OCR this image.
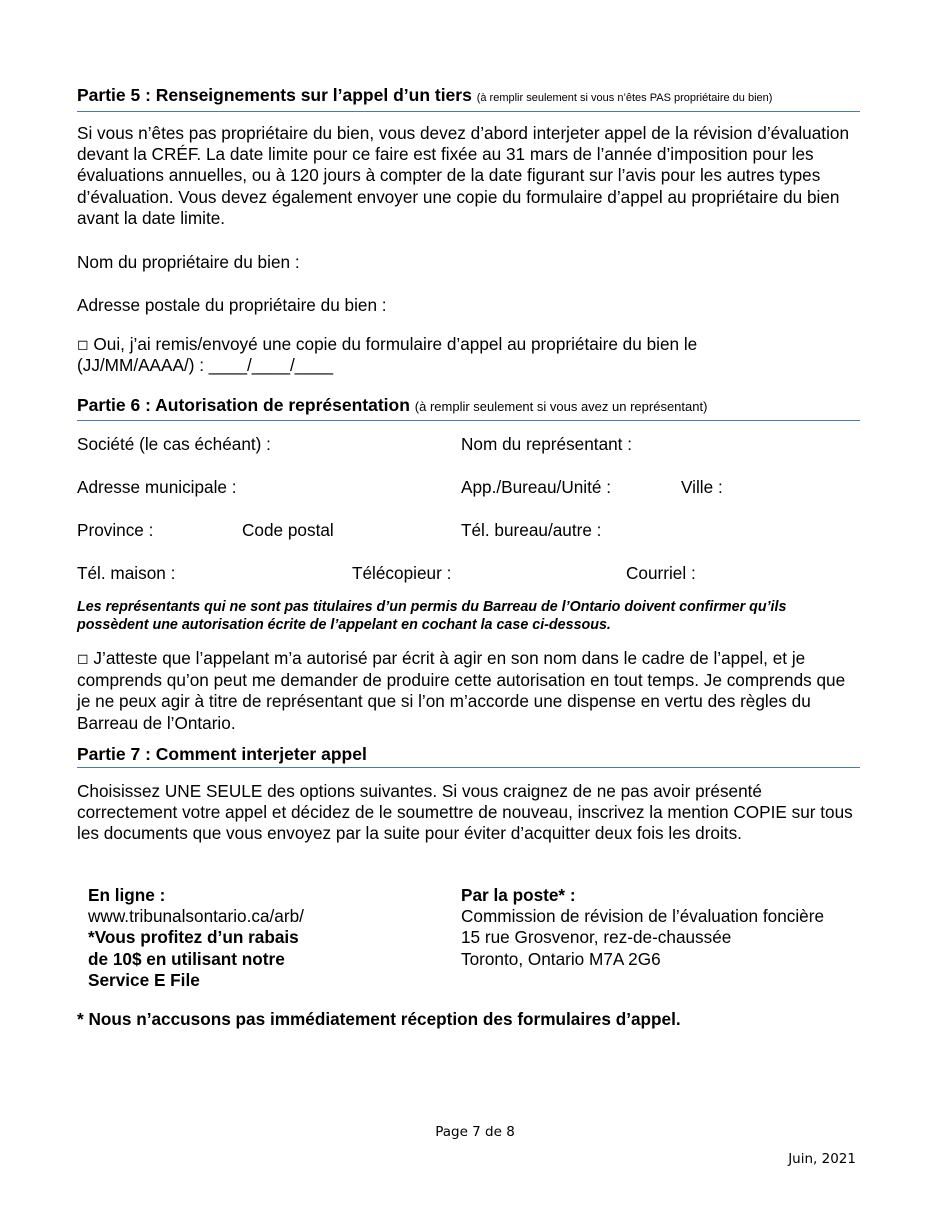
Partie 5 : Renseignements sur l’appel d’un tiers (à remplir seulement si vous n’êtes PAS propriétaire du bien)
Si vous n’êtes pas propriétaire du bien, vous devez d’abord interjeter appel de la révision d’évaluation devant la CRÉF. La date limite pour ce faire est fixée au 31 mars de l’année d’imposition pour les évaluations annuelles, ou à 120 jours à compter de la date figurant sur l’avis pour les autres types d’évaluation. Vous devez également envoyer une copie du formulaire d’appel au propriétaire du bien avant la date limite.
Nom du propriétaire du bien :
Adresse postale du propriétaire du bien :
◻ Oui, j’ai remis/envoyé une copie du formulaire d’appel au propriétaire du bien le
(JJ/MM/AAAA/) : ____/____/____
Partie 6 : Autorisation de représentation (à remplir seulement si vous avez un représentant)
Société (le cas échéant) :	Nom du représentant :
Adresse municipale :	App./Bureau/Unité :	Ville :
Province :	Code postal	Tél. bureau/autre :
Tél. maison :	Télécopieur :	Courriel :
Les représentants qui ne sont pas titulaires d’un permis du Barreau de l’Ontario doivent confirmer qu’ils possèdent une autorisation écrite de l’appelant en cochant la case ci-dessous.
◻ J’atteste que l’appelant m’a autorisé par écrit à agir en son nom dans le cadre de l’appel, et je comprends qu’on peut me demander de produire cette autorisation en tout temps. Je comprends que je ne peux agir à titre de représentant que si l’on m’accorde une dispense en vertu des règles du Barreau de l’Ontario.
Partie 7 : Comment interjeter appel
Choisissez UNE SEULE des options suivantes. Si vous craignez de ne pas avoir présenté correctement votre appel et décidez de le soumettre de nouveau, inscrivez la mention COPIE sur tous les documents que vous envoyez par la suite pour éviter d’acquitter deux fois les droits.
En ligne :
www.tribunalsontario.ca/arb/
*Vous profitez d’un rabais
de 10$ en utilisant notre
Service E File
Par la poste* :
Commission de révision de l’évaluation foncière
15 rue Grosvenor, rez-de-chaussée
Toronto, Ontario M7A 2G6
* Nous n’accusons pas immédiatement réception des formulaires d’appel.
Page 7 de 8
Juin, 2021
